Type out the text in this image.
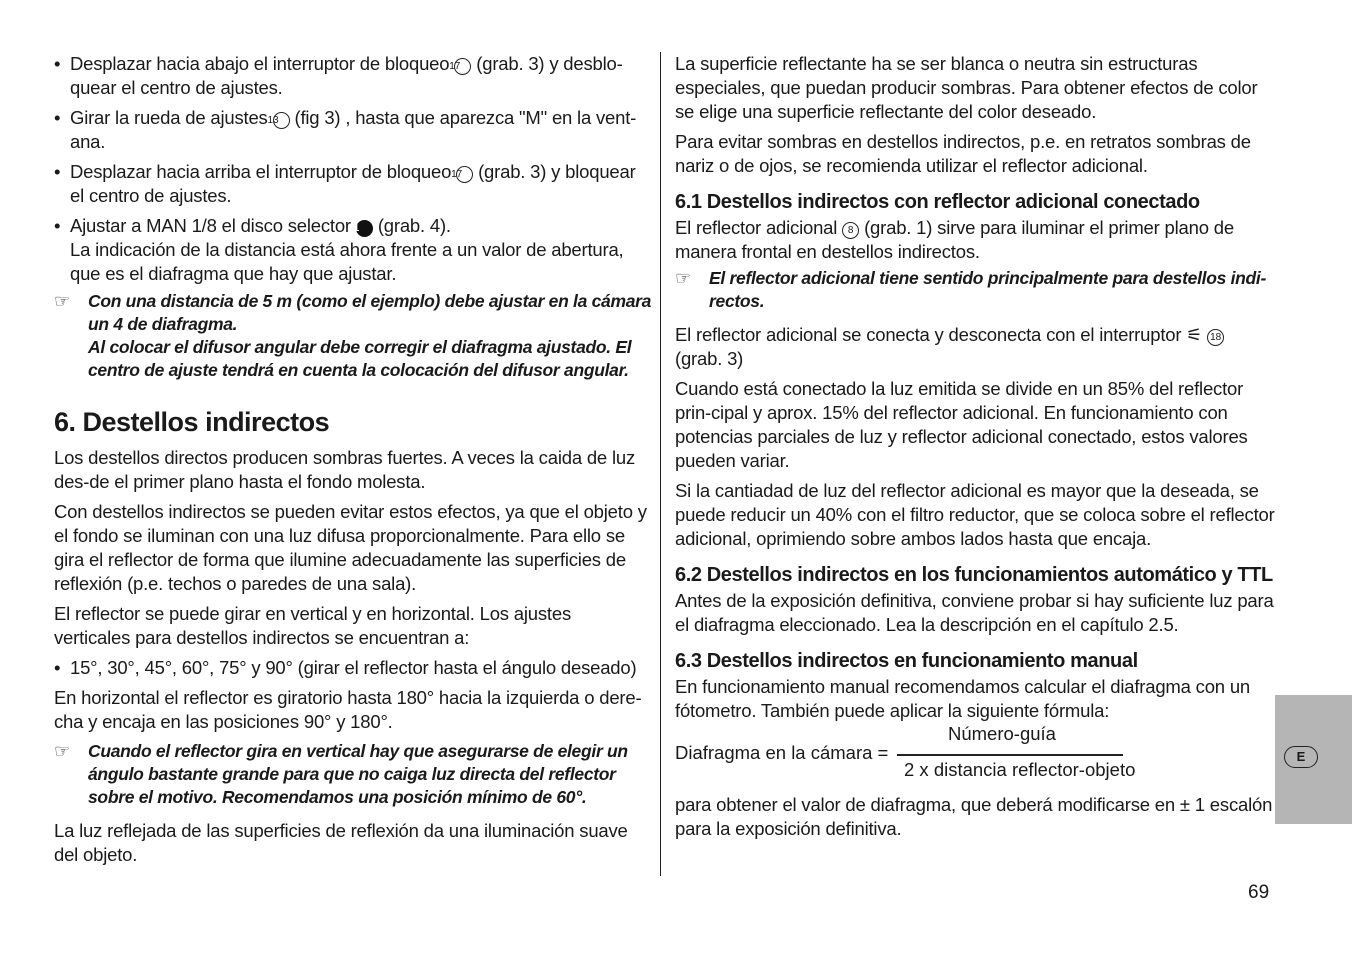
• Desplazar hacia abajo el interruptor de bloqueo 17 (grab. 3) y desblo-quear el centro de ajustes.

• Girar la rueda de ajustes 13 (fig 3) , hasta que aparezca "M" en la vent-ana.

• Desplazar hacia arriba el interruptor de bloqueo 17 (grab. 3) y bloquear el centro de ajustes.

• Ajustar a MAN 1/8 el disco selector 1 (grab. 4).

La indicación de la distancia está ahora frente a un valor de abertura, que es el diafragma que hay que ajustar.

☞ Con una distancia de 5 m (como el ejemplo) debe ajustar en la cámara un 4 de diafragma.
Al colocar el difusor angular debe corregir el diafragma ajustado. El centro de ajuste tendrá en cuenta la colocación del difusor angular.

6. Destellos indirectos

Los destellos directos producen sombras fuertes. A veces la caida de luz des-de el primer plano hasta el fondo molesta.

Con destellos indirectos se pueden evitar estos efectos, ya que el objeto y el fondo se iluminan con una luz difusa proporcionalmente. Para ello se gira el reflector de forma que ilumine adecuadamente las superficies de reflexión (p.e. techos o paredes de una sala).

El reflector se puede girar en vertical y en horizontal. Los ajustes verticales para destellos indirectos se encuentran a:

• 15°, 30°, 45°, 60°, 75° y 90° (girar el reflector hasta el ángulo deseado)

En horizontal el reflector es giratorio hasta 180° hacia la izquierda o dere-cha y encaja en las posiciones 90° y 180°.

☞ Cuando el reflector gira en vertical hay que asegurarse de elegir un ángulo bastante grande para que no caiga luz directa del reflector sobre el motivo. Recomendamos una posición mínimo de 60°.

La luz reflejada de las superficies de reflexión da una iluminación suave del objeto.

La superficie reflectante ha se ser blanca o neutra sin estructuras especiales, que puedan producir sombras. Para obtener efectos de color se elige una superficie reflectante del color deseado.

Para evitar sombras en destellos indirectos, p.e. en retratos sombras de nariz o de ojos, se recomienda utilizar el reflector adicional.

6.1 Destellos indirectos con reflector adicional conectado

El reflector adicional 8 (grab. 1) sirve para iluminar el primer plano de manera frontal en destellos indirectos.

☞ El reflector adicional tiene sentido principalmente para destellos indi-rectos.

El reflector adicional se conecta y desconecta con el interruptor ⚟ 18 (grab. 3)

Cuando está conectado la luz emitida se divide en un 85% del reflector prin-cipal y aprox. 15% del reflector adicional. En funcionamiento con potencias parciales de luz y reflector adicional conectado, estos valores pueden variar.

Si la cantiadad de luz del reflector adicional es mayor que la deseada, se puede reducir un 40% con el filtro reductor, que se coloca sobre el reflector adicional, oprimiendo sobre ambos lados hasta que encaja.

6.2 Destellos indirectos en los funcionamientos automático y TTL

Antes de la exposición definitiva, conviene probar si hay suficiente luz para el diafragma eleccionado. Lea la descripción en el capítulo 2.5.

6.3 Destellos indirectos en funcionamiento manual

En funcionamiento manual recomendamos calcular el diafragma con un fótometro. También puede aplicar la siguiente fórmula:

Número-guía
Diafragma en la cámara =
2 x distancia reflector-objeto

para obtener el valor de diafragma, que deberá modificarse en ± 1 escalón para la exposición definitiva.

E
69
